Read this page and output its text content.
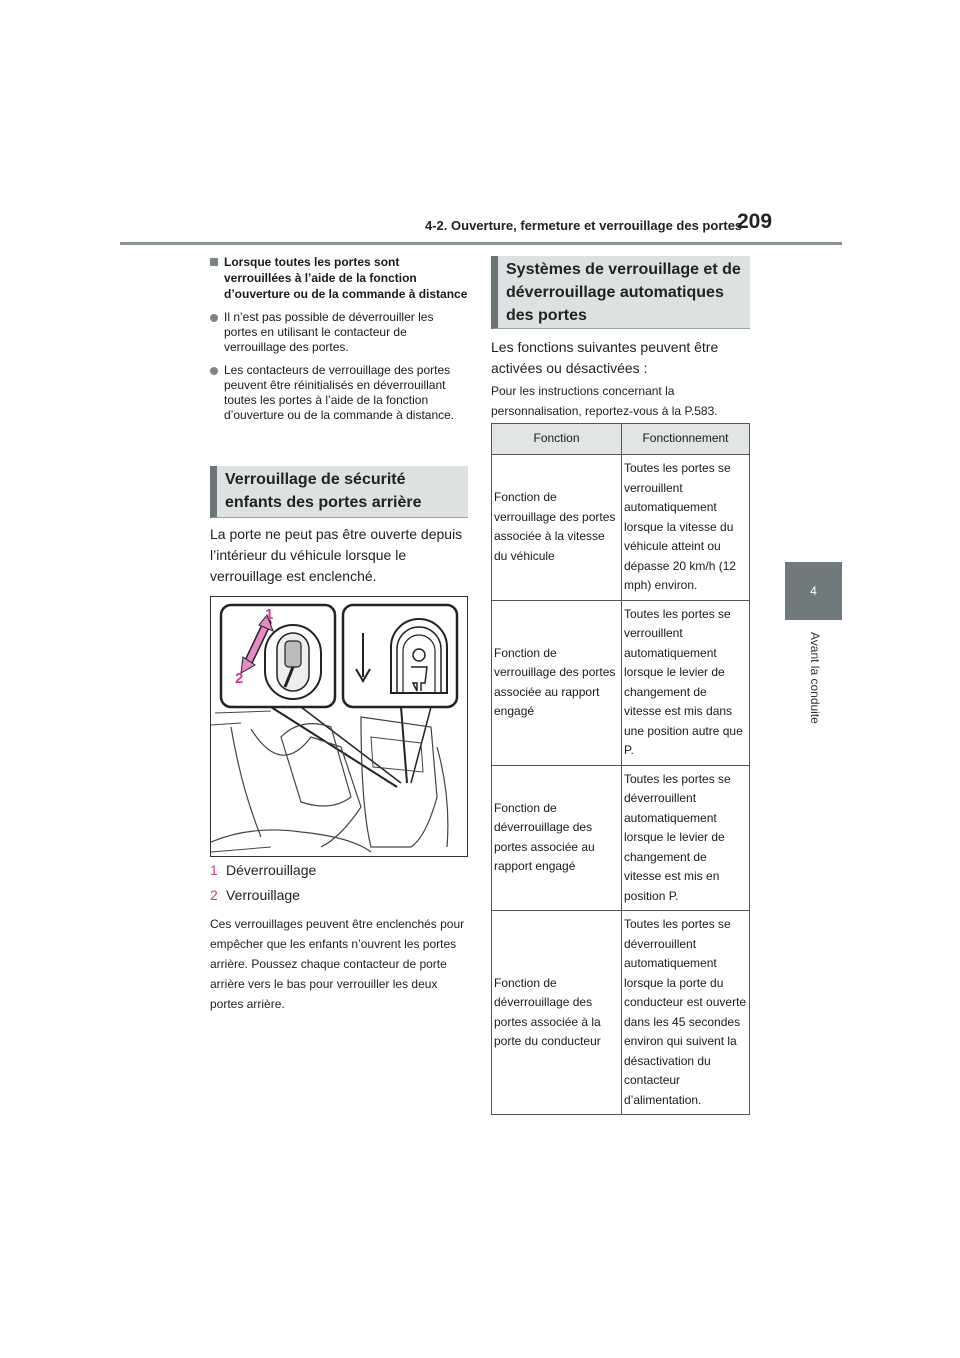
4-2. Ouverture, fermeture et verrouillage des portes
209
4
Avant la conduite
Lorsque toutes les portes sont verrouillées à l’aide de la fonction d’ouverture ou de la commande à distance
Il n’est pas possible de déverrouiller les portes en utilisant le contacteur de verrouillage des portes.
Les contacteurs de verrouillage des portes peuvent être réinitialisés en déverrouillant toutes les portes à l’aide de la fonction d’ouverture ou de la commande à distance.
Verrouillage de sécurité enfants des portes arrière
La porte ne peut pas être ouverte depuis l’intérieur du véhicule lorsque le verrouillage est enclenché.
1
2
1 Déverrouillage
2 Verrouillage
Ces verrouillages peuvent être enclenchés pour empêcher que les enfants n’ouvrent les portes arrière. Poussez chaque contacteur de porte arrière vers le bas pour verrouiller les deux portes arrière.
Systèmes de verrouillage et de déverrouillage automatiques des portes
Les fonctions suivantes peuvent être activées ou désactivées :
Pour les instructions concernant la personnalisation, reportez-vous à la P.583.
Fonction	Fonctionnement
Fonction de verrouillage des portes associée à la vitesse du véhicule	Toutes les portes se verrouillent automatiquement lorsque la vitesse du véhicule atteint ou dépasse 20 km/h (12 mph) environ.
Fonction de verrouillage des portes associée au rapport engagé	Toutes les portes se verrouillent automatiquement lorsque le levier de changement de vitesse est mis dans une position autre que P.
Fonction de déverrouillage des portes associée au rapport engagé	Toutes les portes se déverrouillent automatiquement lorsque le levier de changement de vitesse est mis en position P.
Fonction de déverrouillage des portes associée à la porte du conducteur	Toutes les portes se déverrouillent automatiquement lorsque la porte du conducteur est ouverte dans les 45 secondes environ qui suivent la désactivation du contacteur d’alimentation.
